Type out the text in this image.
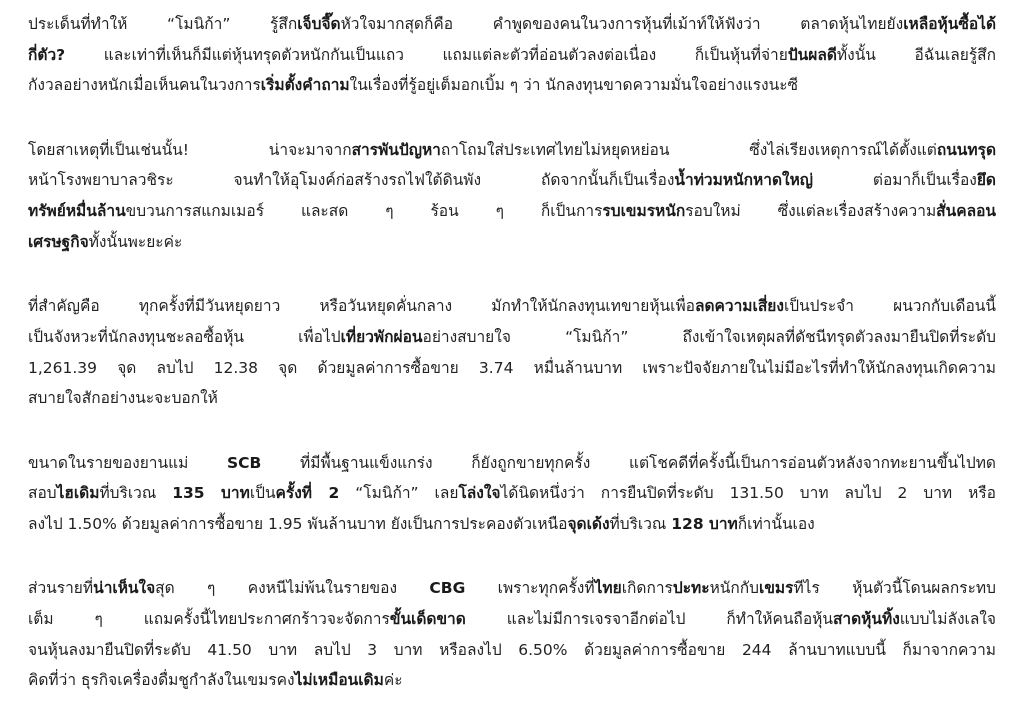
ประเด็นที่ทำให้ “โมนิก้า” รู้สึกเจ็บจี๊ดหัวใจมากสุดก็คือ คำพูดของคนในวงการหุ้นที่เม้าท์ให้ฟังว่า ตลาดหุ้นไทยยังเหลือหุ้นซื้อได้
กี่ตัว? และเท่าที่เห็นก็มีแต่หุ้นทรุดตัวหนักกันเป็นแถว แถมแต่ละตัวที่อ่อนตัวลงต่อเนื่อง ก็เป็นหุ้นที่จ่ายปันผลดีทั้งนั้น อีฉันเลยรู้สึก
กังวลอย่างหนักเมื่อเห็นคนในวงการเริ่มตั้งคำถามในเรื่องที่รู้อยู่เต็มอกเบิ้ม ๆ ว่า นักลงทุนขาดความมั่นใจอย่างแรงนะซี
โดยสาเหตุที่เป็นเช่นนั้น! น่าจะมาจากสารพันปัญหาถาโถมใส่ประเทศไทยไม่หยุดหย่อน ซึ่งไล่เรียงเหตุการณ์ได้ตั้งแต่ถนนทรุด
หน้าโรงพยาบาลวชิระ จนทำให้อุโมงค์ก่อสร้างรถไฟใต้ดินพัง ถัดจากนั้นก็เป็นเรื่องน้ำท่วมหนักหาดใหญ่ ต่อมาก็เป็นเรื่องยึด
ทรัพย์หมื่นล้านขบวนการสแกมเมอร์ และสด ๆ ร้อน ๆ ก็เป็นการรบเขมรหนักรอบใหม่ ซึ่งแต่ละเรื่องสร้างความสั่นคลอน
เศรษฐกิจทั้งนั้นพะยะค่ะ
ที่สำคัญคือ ทุกครั้งที่มีวันหยุดยาว หรือวันหยุดคั่นกลาง มักทำให้นักลงทุนเทขายหุ้นเพื่อลดความเสี่ยงเป็นประจำ ผนวกกับเดือนนี้
เป็นจังหวะที่นักลงทุนชะลอซื้อหุ้น เพื่อไปเที่ยวพักผ่อนอย่างสบายใจ “โมนิก้า” ถึงเข้าใจเหตุผลที่ดัชนีทรุดตัวลงมายืนปิดที่ระดับ
1,261.39 จุด ลบไป 12.38 จุด ด้วยมูลค่าการซื้อขาย 3.74 หมื่นล้านบาท เพราะปัจจัยภายในไม่มีอะไรที่ทำให้นักลงทุนเกิดความ
สบายใจสักอย่างนะจะบอกให้
ขนาดในรายของยานแม่ SCB ที่มีพื้นฐานแข็งแกร่ง ก็ยังถูกขายทุกครั้ง แต่โชคดีที่ครั้งนี้เป็นการอ่อนตัวหลังจากทะยานขึ้นไปทด
สอบไฮเดิมที่บริเวณ 135 บาทเป็นครั้งที่ 2 “โมนิก้า” เลยโล่งใจได้นิดหนึ่งว่า การยืนปิดที่ระดับ 131.50 บาท ลบไป 2 บาท หรือ
ลงไป 1.50% ด้วยมูลค่าการซื้อขาย 1.95 พันล้านบาท ยังเป็นการประคองตัวเหนือจุดเด้งที่บริเวณ 128 บาทก็เท่านั้นเอง
ส่วนรายที่น่าเห็นใจสุด ๆ คงหนีไม่พ้นในรายของ CBG เพราะทุกครั้งที่ไทยเกิดการปะทะหนักกับเขมรทีไร หุ้นตัวนี้โดนผลกระทบ
เต็ม ๆ แถมครั้งนี้ไทยประกาศกร้าวจะจัดการขั้นเด็ดขาด และไม่มีการเจรจาอีกต่อไป ก็ทำให้คนถือหุ้นสาดหุ้นทิ้งแบบไม่ลังเลใจ
จนหุ้นลงมายืนปิดที่ระดับ 41.50 บาท ลบไป 3 บาท หรือลงไป 6.50% ด้วยมูลค่าการซื้อขาย 244 ล้านบาทแบบนี้ ก็มาจากความ
คิดที่ว่า ธุรกิจเครื่องดื่มชูกำลังในเขมรคงไม่เหมือนเดิมค่ะ
